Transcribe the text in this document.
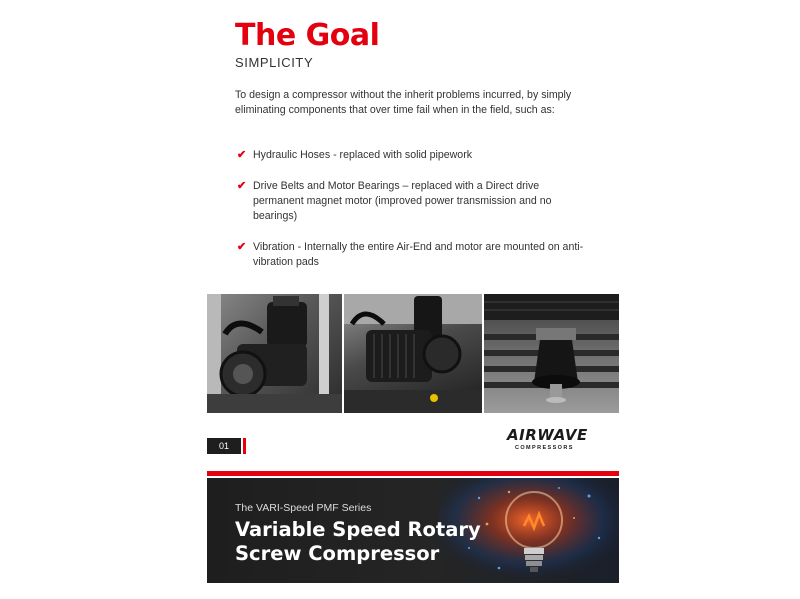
The Goal
SIMPLICITY
To design a compressor without the inherit problems incurred, by simply eliminating components that over time fail when in the field, such as:
✔ Hydraulic Hoses - replaced with solid pipework
✔ Drive Belts and Motor Bearings – replaced with a Direct drive permanent magnet motor (improved power transmission and no bearings)
✔ Vibration - Internally the entire Air-End and motor are mounted on anti-vibration pads
01
AIRWAVE
COMPRESSORS
The VARI-Speed PMF Series
Variable Speed Rotary Screw Compressor
